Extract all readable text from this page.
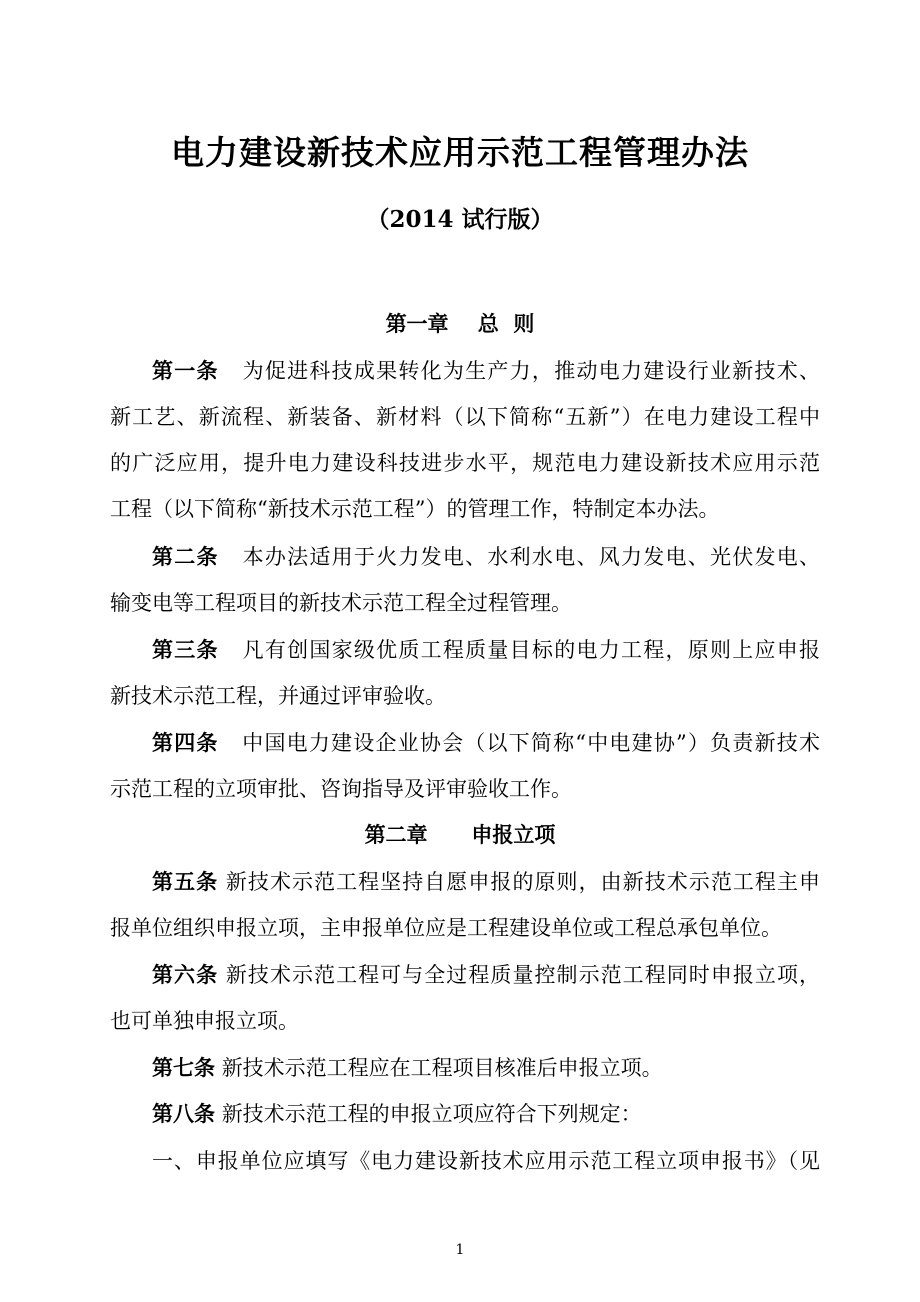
电力建设新技术应用示范工程管理办法
（2014 试行版）
第一章    总  则
第一条 为促进科技成果转化为生产力，推动电力建设行业新技术、
新工艺、新流程、新装备、新材料（以下简称“五新”）在电力建设工程中
的广泛应用，提升电力建设科技进步水平，规范电力建设新技术应用示范
工程（以下简称“新技术示范工程”）的管理工作，特制定本办法。
第二条 本办法适用于火力发电、水利水电、风力发电、光伏发电、
输变电等工程项目的新技术示范工程全过程管理。
第三条 凡有创国家级优质工程质量目标的电力工程，原则上应申报
新技术示范工程，并通过评审验收。
第四条 中国电力建设企业协会（以下简称“中电建协”）负责新技术
示范工程的立项审批、咨询指导及评审验收工作。
第二章      申报立项
第五条 新技术示范工程坚持自愿申报的原则，由新技术示范工程主申
报单位组织申报立项，主申报单位应是工程建设单位或工程总承包单位。
第六条 新技术示范工程可与全过程质量控制示范工程同时申报立项，
也可单独申报立项。
第七条 新技术示范工程应在工程项目核准后申报立项。
第八条 新技术示范工程的申报立项应符合下列规定：
一、申报单位应填写《电力建设新技术应用示范工程立项申报书》（见
1
